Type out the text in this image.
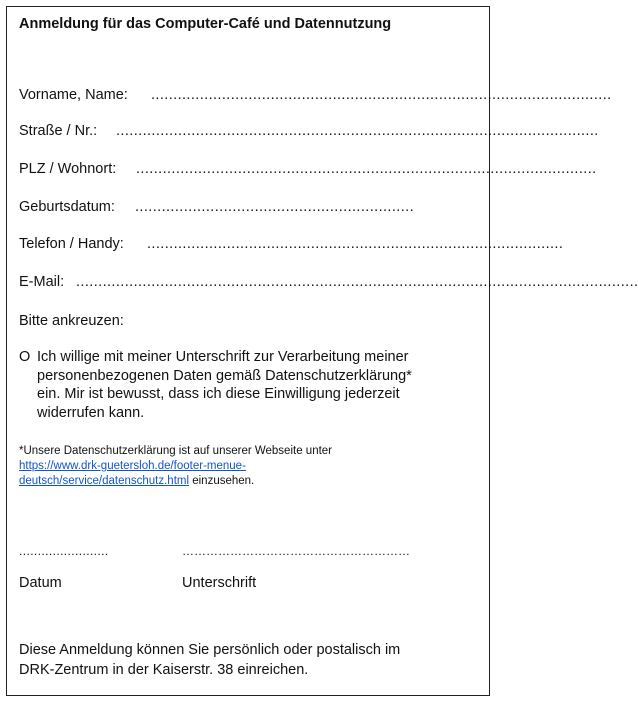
Anmeldung für das Computer-Café und Datennutzung
Vorname, Name: ........................................................................................................
Straße / Nr.: .............................................................................................................
PLZ / Wohnort: ........................................................................................................
Geburtsdatum: ...............................................................
Telefon / Handy: ..............................................................................................
E-Mail: ...............................................................................................................................
Bitte ankreuzen:
O Ich willige mit meiner Unterschrift zur Verarbeitung meiner
personenbezogenen Daten gemäß Datenschutzerklärung*
ein. Mir ist bewusst, dass ich diese Einwilligung jederzeit
widerrufen kann.
*Unsere Datenschutzerklärung ist auf unserer Webseite unter
https://www.drk-guetersloh.de/footer-menue-
deutsch/service/datenschutz.html einzusehen.
........................	…………………………………………………
Datum	Unterschrift
Diese Anmeldung können Sie persönlich oder postalisch im
DRK-Zentrum in der Kaiserstr. 38 einreichen.
